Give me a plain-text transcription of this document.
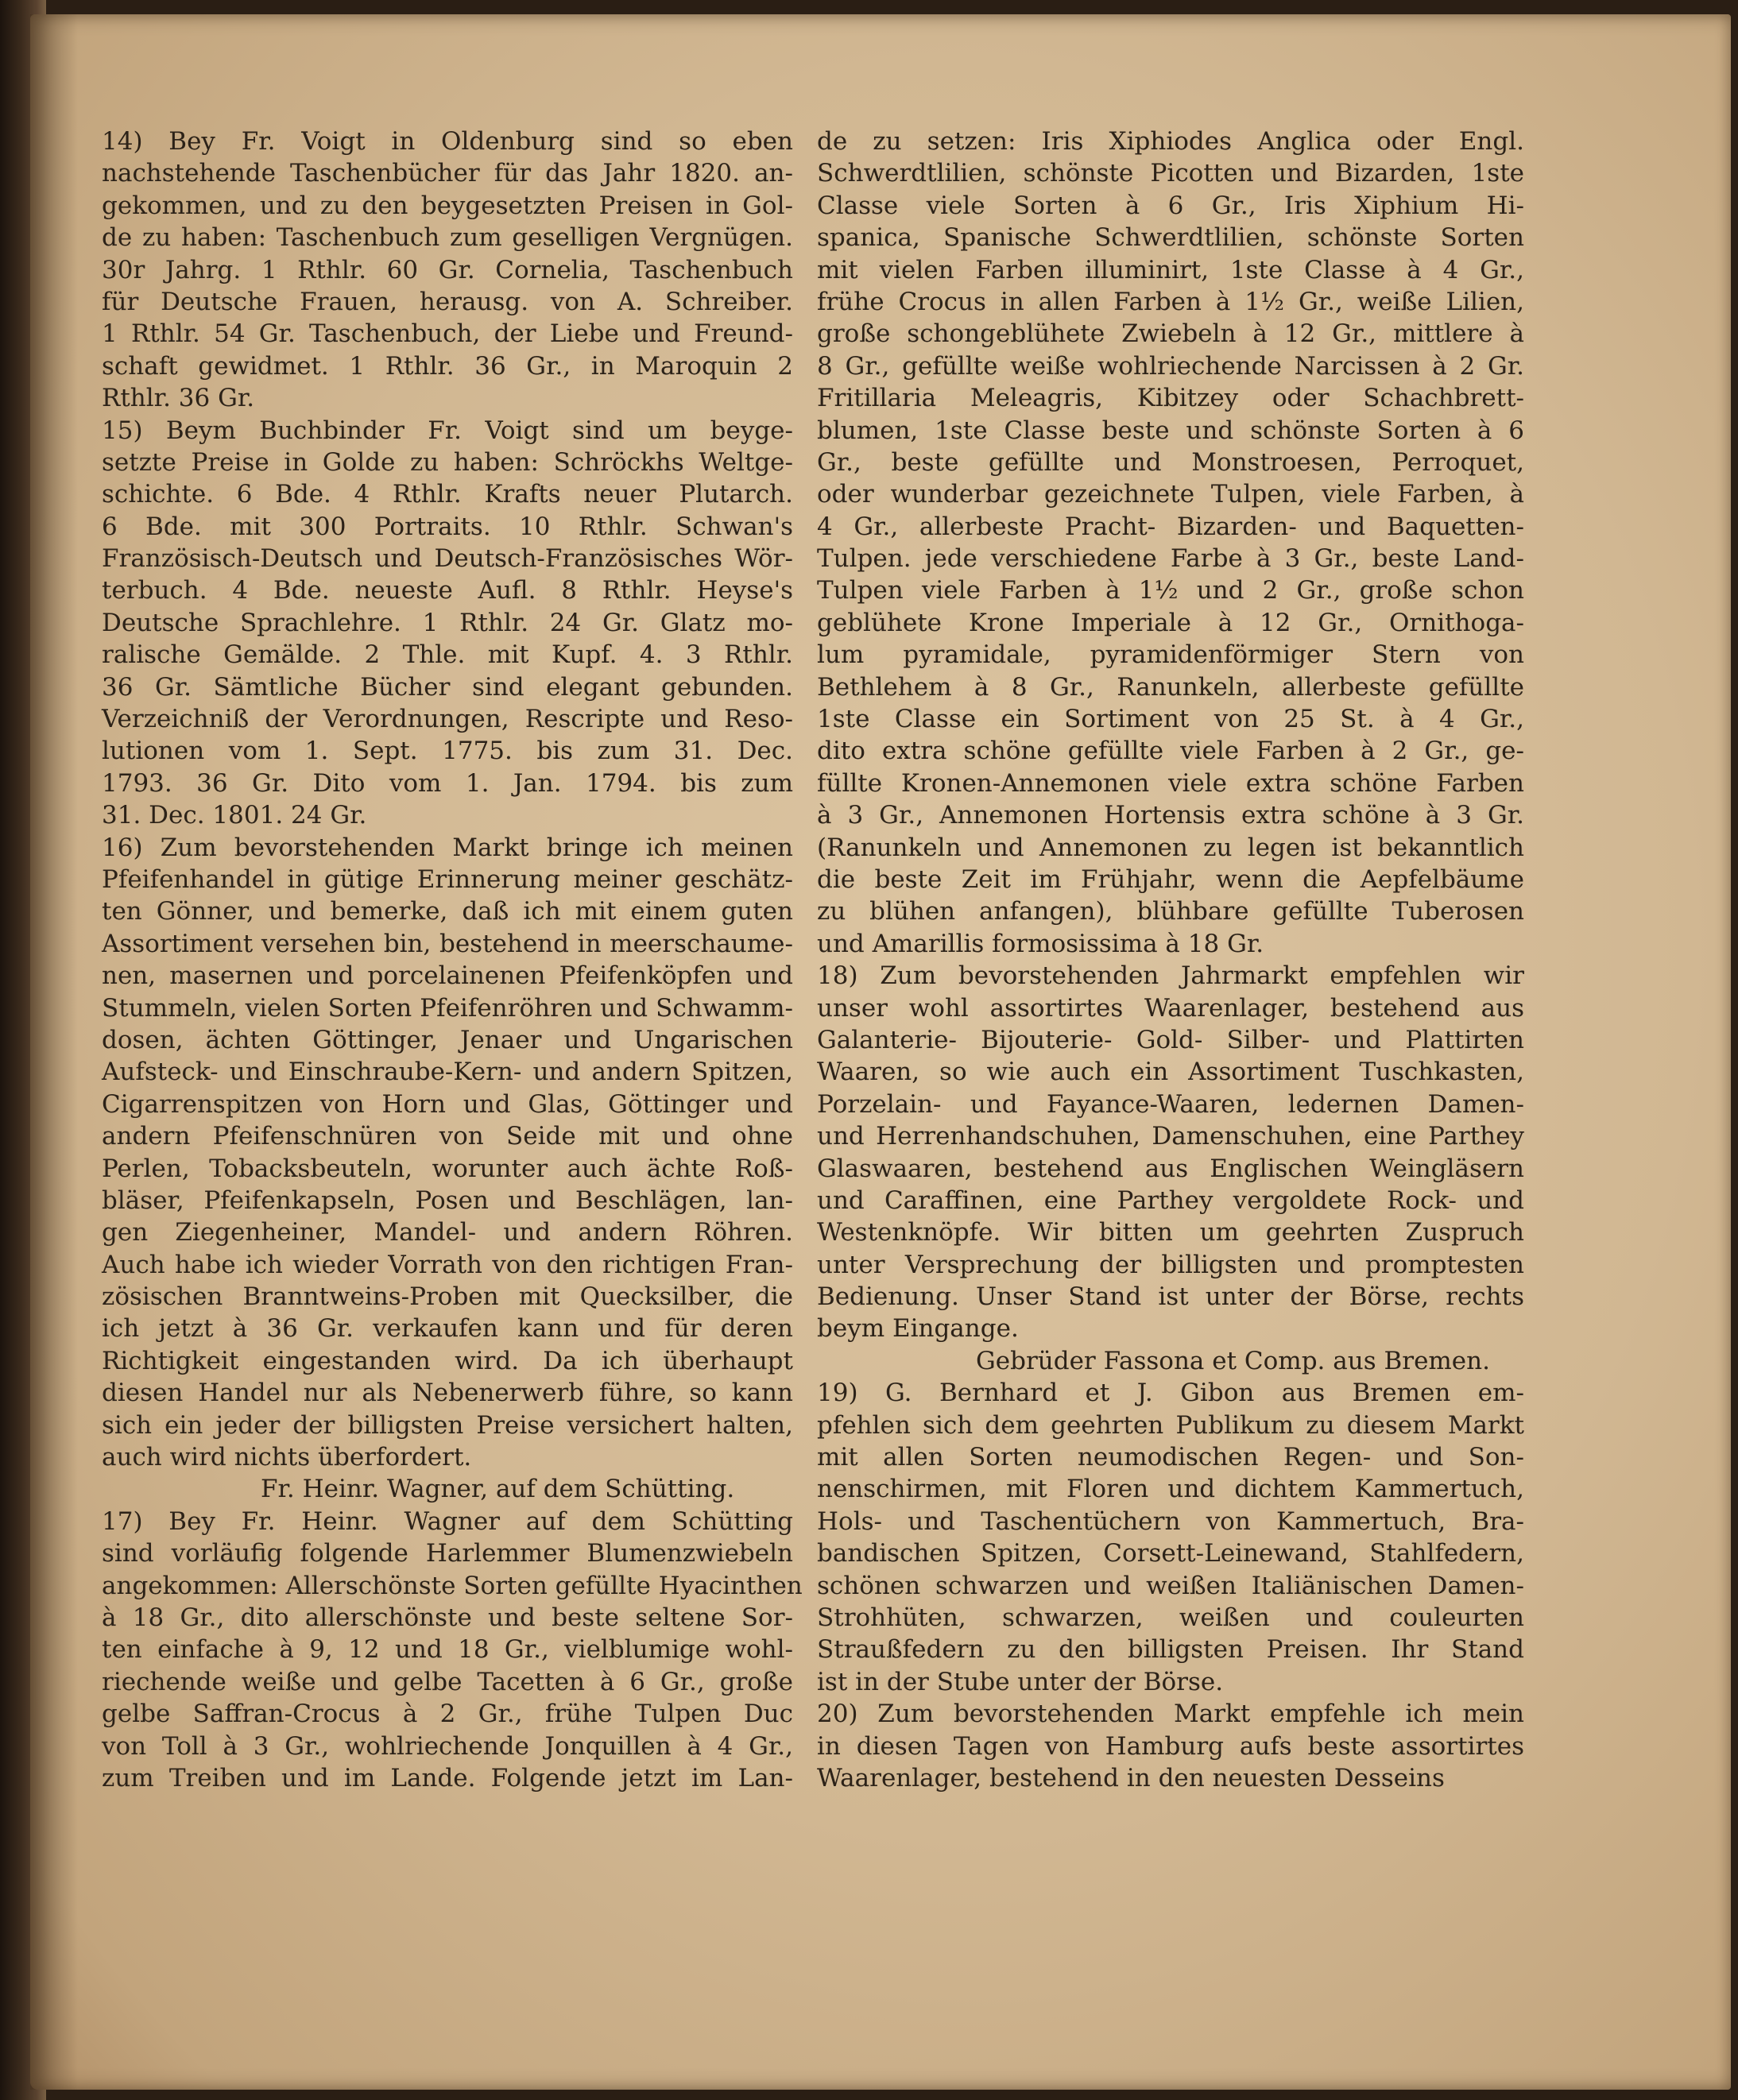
14) Bey Fr. Voigt in Oldenburg sind so eben
nachstehende Taschenbücher für das Jahr 1820. an-
gekommen, und zu den beygesetzten Preisen in Gol-
de zu haben: Taschenbuch zum geselligen Vergnügen.
30r Jahrg. 1 Rthlr. 60 Gr. Cornelia, Taschenbuch
für Deutsche Frauen, herausg. von A. Schreiber.
1 Rthlr. 54 Gr. Taschenbuch, der Liebe und Freund-
schaft gewidmet. 1 Rthlr. 36 Gr., in Maroquin 2
Rthlr. 36 Gr.
15) Beym Buchbinder Fr. Voigt sind um beyge-
setzte Preise in Golde zu haben: Schröckhs Weltge-
schichte. 6 Bde. 4 Rthlr. Krafts neuer Plutarch.
6 Bde. mit 300 Portraits. 10 Rthlr. Schwan's
Französisch-Deutsch und Deutsch-Französisches Wör-
terbuch. 4 Bde. neueste Aufl. 8 Rthlr. Heyse's
Deutsche Sprachlehre. 1 Rthlr. 24 Gr. Glatz mo-
ralische Gemälde. 2 Thle. mit Kupf. 4. 3 Rthlr.
36 Gr. Sämtliche Bücher sind elegant gebunden.
Verzeichniß der Verordnungen, Rescripte und Reso-
lutionen vom 1. Sept. 1775. bis zum 31. Dec.
1793. 36 Gr. Dito vom 1. Jan. 1794. bis zum
31. Dec. 1801. 24 Gr.
16) Zum bevorstehenden Markt bringe ich meinen
Pfeifenhandel in gütige Erinnerung meiner geschätz-
ten Gönner, und bemerke, daß ich mit einem guten
Assortiment versehen bin, bestehend in meerschaume-
nen, masernen und porcelainenen Pfeifenköpfen und
Stummeln, vielen Sorten Pfeifenröhren und Schwamm-
dosen, ächten Göttinger, Jenaer und Ungarischen
Aufsteck- und Einschraube-Kern- und andern Spitzen,
Cigarrenspitzen von Horn und Glas, Göttinger und
andern Pfeifenschnüren von Seide mit und ohne
Perlen, Tobacksbeuteln, worunter auch ächte Roß-
bläser, Pfeifenkapseln, Posen und Beschlägen, lan-
gen Ziegenheiner, Mandel- und andern Röhren.
Auch habe ich wieder Vorrath von den richtigen Fran-
zösischen Branntweins-Proben mit Quecksilber, die
ich jetzt à 36 Gr. verkaufen kann und für deren
Richtigkeit eingestanden wird. Da ich überhaupt
diesen Handel nur als Nebenerwerb führe, so kann
sich ein jeder der billigsten Preise versichert halten,
auch wird nichts überfordert.
Fr. Heinr. Wagner, auf dem Schütting.
17) Bey Fr. Heinr. Wagner auf dem Schütting
sind vorläufig folgende Harlemmer Blumenzwiebeln
angekommen: Allerschönste Sorten gefüllte Hyacinthen
à 18 Gr., dito allerschönste und beste seltene Sor-
ten einfache à 9, 12 und 18 Gr., vielblumige wohl-
riechende weiße und gelbe Tacetten à 6 Gr., große
gelbe Saffran-Crocus à 2 Gr., frühe Tulpen Duc
von Toll à 3 Gr., wohlriechende Jonquillen à 4 Gr.,
zum Treiben und im Lande. Folgende jetzt im Lan-
de zu setzen: Iris Xiphiodes Anglica oder Engl.
Schwerdtlilien, schönste Picotten und Bizarden, 1ste
Classe viele Sorten à 6 Gr., Iris Xiphium Hi-
spanica, Spanische Schwerdtlilien, schönste Sorten
mit vielen Farben illuminirt, 1ste Classe à 4 Gr.,
frühe Crocus in allen Farben à 1½ Gr., weiße Lilien,
große schongeblühete Zwiebeln à 12 Gr., mittlere à
8 Gr., gefüllte weiße wohlriechende Narcissen à 2 Gr.
Fritillaria Meleagris, Kibitzey oder Schachbrett-
blumen, 1ste Classe beste und schönste Sorten à 6
Gr., beste gefüllte und Monstroesen, Perroquet,
oder wunderbar gezeichnete Tulpen, viele Farben, à
4 Gr., allerbeste Pracht- Bizarden- und Baquetten-
Tulpen. jede verschiedene Farbe à 3 Gr., beste Land-
Tulpen viele Farben à 1½ und 2 Gr., große schon
geblühete Krone Imperiale à 12 Gr., Ornithoga-
lum pyramidale, pyramidenförmiger Stern von
Bethlehem à 8 Gr., Ranunkeln, allerbeste gefüllte
1ste Classe ein Sortiment von 25 St. à 4 Gr.,
dito extra schöne gefüllte viele Farben à 2 Gr., ge-
füllte Kronen-Annemonen viele extra schöne Farben
à 3 Gr., Annemonen Hortensis extra schöne à 3 Gr.
(Ranunkeln und Annemonen zu legen ist bekanntlich
die beste Zeit im Frühjahr, wenn die Aepfelbäume
zu blühen anfangen), blühbare gefüllte Tuberosen
und Amarillis formosissima à 18 Gr.
18) Zum bevorstehenden Jahrmarkt empfehlen wir
unser wohl assortirtes Waarenlager, bestehend aus
Galanterie- Bijouterie- Gold- Silber- und Plattirten
Waaren, so wie auch ein Assortiment Tuschkasten,
Porzelain- und Fayance-Waaren, ledernen Damen-
und Herrenhandschuhen, Damenschuhen, eine Parthey
Glaswaaren, bestehend aus Englischen Weingläsern
und Caraffinen, eine Parthey vergoldete Rock- und
Westenknöpfe. Wir bitten um geehrten Zuspruch
unter Versprechung der billigsten und promptesten
Bedienung. Unser Stand ist unter der Börse, rechts
beym Eingange.
Gebrüder Fassona et Comp. aus Bremen.
19) G. Bernhard et J. Gibon aus Bremen em-
pfehlen sich dem geehrten Publikum zu diesem Markt
mit allen Sorten neumodischen Regen- und Son-
nenschirmen, mit Floren und dichtem Kammertuch,
Hols- und Taschentüchern von Kammertuch, Bra-
bandischen Spitzen, Corsett-Leinewand, Stahlfedern,
schönen schwarzen und weißen Italiänischen Damen-
Strohhüten, schwarzen, weißen und couleurten
Straußfedern zu den billigsten Preisen. Ihr Stand
ist in der Stube unter der Börse.
20) Zum bevorstehenden Markt empfehle ich mein
in diesen Tagen von Hamburg aufs beste assortirtes
Waarenlager, bestehend in den neuesten Desseins
